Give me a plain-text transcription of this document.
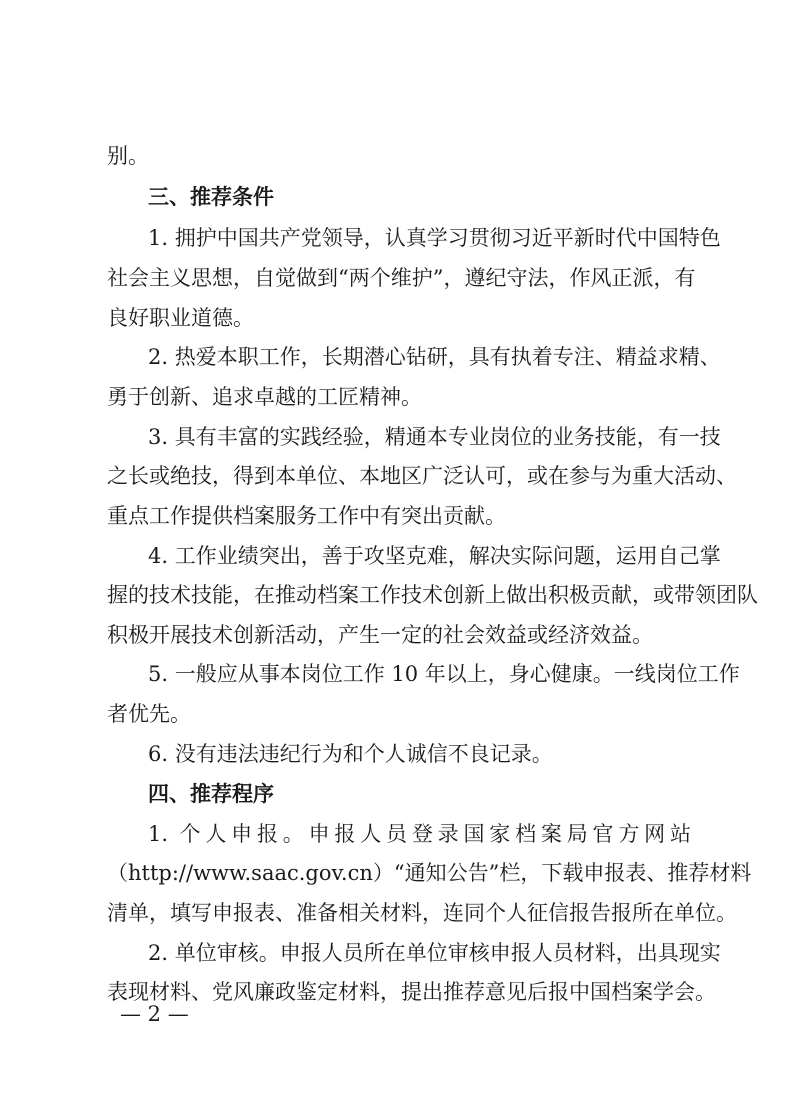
别。
三、推荐条件
1. 拥护中国共产党领导，认真学习贯彻习近平新时代中国特色
社会主义思想，自觉做到“两个维护”，遵纪守法，作风正派，有
良好职业道德。
2. 热爱本职工作，长期潜心钻研，具有执着专注、精益求精、
勇于创新、追求卓越的工匠精神。
3. 具有丰富的实践经验，精通本专业岗位的业务技能，有一技
之长或绝技，得到本单位、本地区广泛认可，或在参与为重大活动、
重点工作提供档案服务工作中有突出贡献。
4. 工作业绩突出，善于攻坚克难，解决实际问题，运用自己掌
握的技术技能，在推动档案工作技术创新上做出积极贡献，或带领团队
积极开展技术创新活动，产生一定的社会效益或经济效益。
5. 一般应从事本岗位工作 10 年以上，身心健康。一线岗位工作
者优先。
6. 没有违法违纪行为和个人诚信不良记录。
四、推荐程序
1. 个人申报。申报人员登录国家档案局官方网站
（http://www.saac.gov.cn）“通知公告”栏，下载申报表、推荐材料
清单，填写申报表、准备相关材料，连同个人征信报告报所在单位。
2. 单位审核。申报人员所在单位审核申报人员材料，出具现实
表现材料、党风廉政鉴定材料，提出推荐意见后报中国档案学会。
— 2 —
